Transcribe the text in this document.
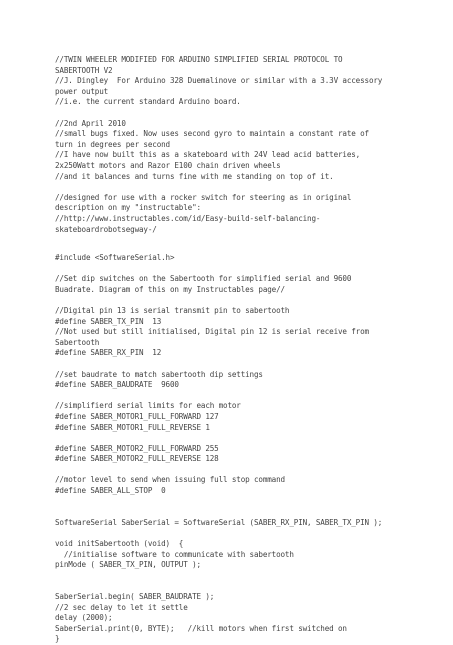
//TWIN WHEELER MODIFIED FOR ARDUINO SIMPLIFIED SERIAL PROTOCOL TO
SABERTOOTH V2
//J. Dingley  For Arduino 328 Duemalinove or similar with a 3.3V accessory
power output
//i.e. the current standard Arduino board.

//2nd April 2010
//small bugs fixed. Now uses second gyro to maintain a constant rate of
turn in degrees per second
//I have now built this as a skateboard with 24V lead acid batteries,
2x250Watt motors and Razor E100 chain driven wheels
//and it balances and turns fine with me standing on top of it.

//designed for use with a rocker switch for steering as in original
description on my "instructable":
//http://www.instructables.com/id/Easy-build-self-balancing-
skateboardrobotsegway-/
#include <SoftwareSerial.h>

//Set dip switches on the Sabertooth for simplified serial and 9600
Buadrate. Diagram of this on my Instructables page//

//Digital pin 13 is serial transmit pin to sabertooth
#define SABER_TX_PIN  13
//Not used but still initialised, Digital pin 12 is serial receive from
Sabertooth
#define SABER_RX_PIN  12

//set baudrate to match sabertooth dip settings
#define SABER_BAUDRATE  9600

//simplifierd serial limits for each motor
#define SABER_MOTOR1_FULL_FORWARD 127
#define SABER_MOTOR1_FULL_REVERSE 1

#define SABER_MOTOR2_FULL_FORWARD 255
#define SABER_MOTOR2_FULL_REVERSE 128

//motor level to send when issuing full stop command
#define SABER_ALL_STOP  0

SoftwareSerial SaberSerial = SoftwareSerial (SABER_RX_PIN, SABER_TX_PIN );

void initSabertooth (void)  {
//initialise software to communicate with sabertooth
pinMode ( SABER_TX_PIN, OUTPUT );

SaberSerial.begin( SABER_BAUDRATE );
//2 sec delay to let it settle
delay (2000);
SaberSerial.print(0, BYTE);   //kill motors when first switched on
}
